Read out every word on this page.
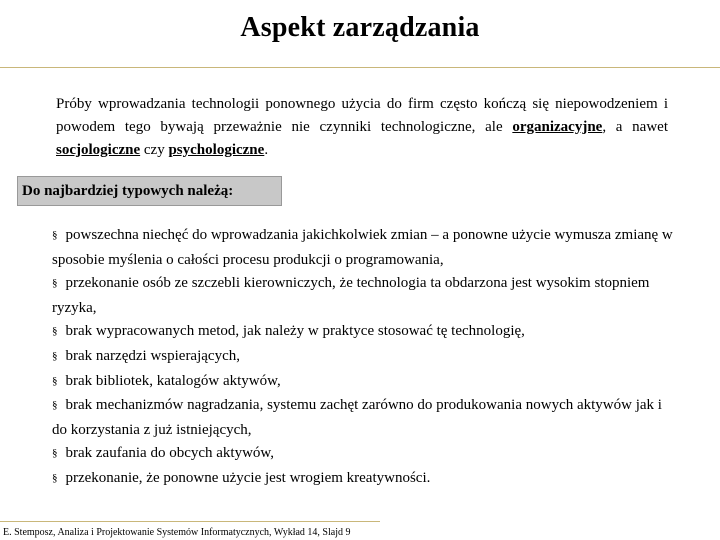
Aspekt zarządzania
Próby wprowadzania technologii ponownego użycia do firm często kończą się niepowodzeniem i powodem tego bywają przeważnie nie czynniki technologiczne, ale organizacyjne, a nawet socjologiczne czy psychologiczne.
Do najbardziej typowych należą:
§ powszechna niechęć do wprowadzania jakichkolwiek zmian – a ponowne użycie wymusza zmianę w sposobie myślenia o całości procesu produkcji o programowania,
§ przekonanie osób ze szczebli kierowniczych, że technologia ta obdarzona jest wysokim stopniem ryzyka,
§ brak wypracowanych metod, jak należy w praktyce stosować tę technologię,
§ brak narzędzi wspierających,
§ brak bibliotek, katalogów aktywów,
§ brak mechanizmów nagradzania, systemu zachęt zarówno do produkowania nowych aktywów jak i do korzystania z już istniejących,
§ brak zaufania do obcych aktywów,
§ przekonanie, że ponowne użycie jest wrogiem kreatywności.
E. Stemposz, Analiza i Projektowanie Systemów Informatycznych, Wykład 14, Slajd 9
